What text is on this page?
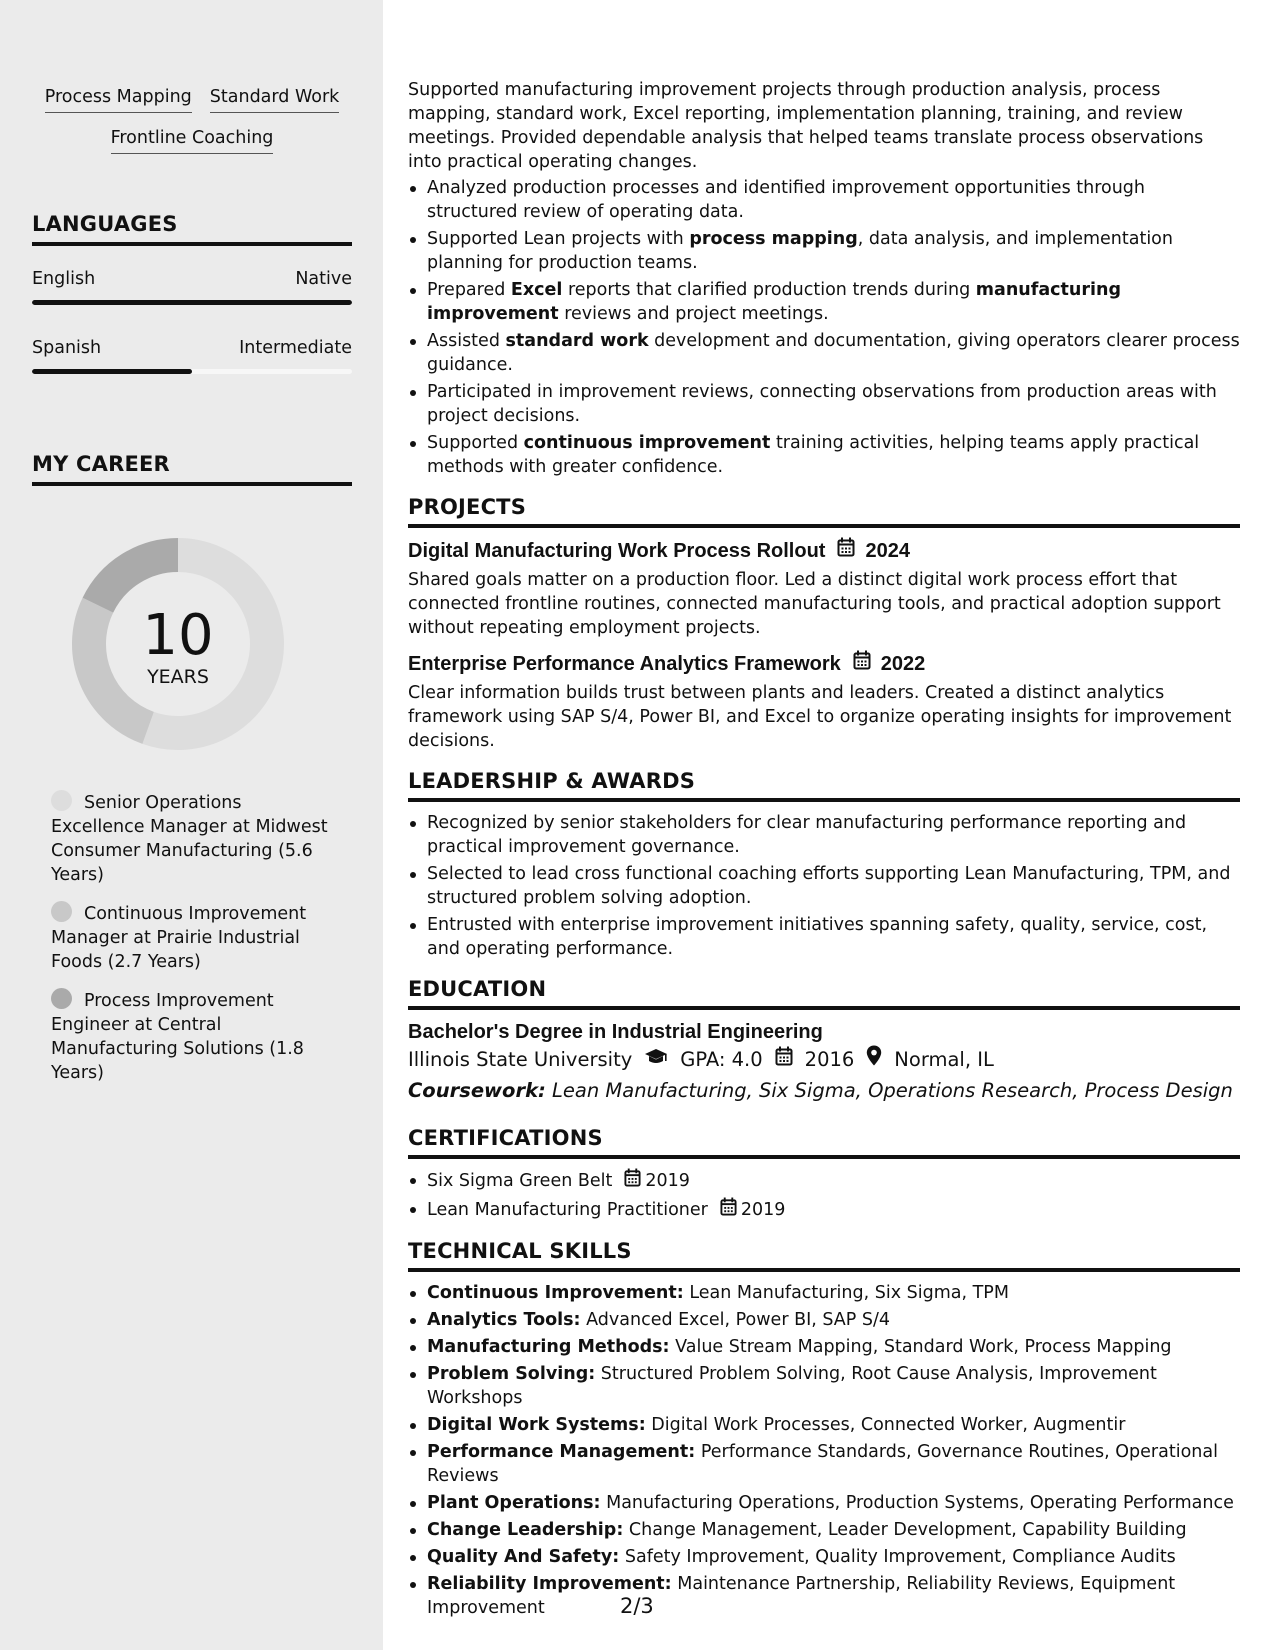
Process Mapping Standard Work
Frontline Coaching
LANGUAGES
English	Native
Spanish	Intermediate
MY CAREER
10
YEARS
Senior Operations Excellence Manager at Midwest Consumer Manufacturing (5.6 Years)
Continuous Improvement Manager at Prairie Industrial Foods (2.7 Years)
Process Improvement Engineer at Central Manufacturing Solutions (1.8 Years)

Supported manufacturing improvement projects through production analysis, process mapping, standard work, Excel reporting, implementation planning, training, and review meetings. Provided dependable analysis that helped teams translate process observations into practical operating changes.

Analyzed production processes and identified improvement opportunities through structured review of operating data.
Supported Lean projects with process mapping, data analysis, and implementation planning for production teams.
Prepared Excel reports that clarified production trends during manufacturing improvement reviews and project meetings.
Assisted standard work development and documentation, giving operators clearer process guidance.
Participated in improvement reviews, connecting observations from production areas with project decisions.
Supported continuous improvement training activities, helping teams apply practical methods with greater confidence.
PROJECTS
Digital Manufacturing Work Process Rollout 2024

Shared goals matter on a production floor. Led a distinct digital work process effort that connected frontline routines, connected manufacturing tools, and practical adoption support without repeating employment projects.

Enterprise Performance Analytics Framework 2022

Clear information builds trust between plants and leaders. Created a distinct analytics framework using SAP S/4, Power BI, and Excel to organize operating insights for improvement decisions.

LEADERSHIP & AWARDS
Recognized by senior stakeholders for clear manufacturing performance reporting and practical improvement governance.
Selected to lead cross functional coaching efforts supporting Lean Manufacturing, TPM, and structured problem solving adoption.
Entrusted with enterprise improvement initiatives spanning safety, quality, service, cost, and operating performance.
EDUCATION
Bachelor's Degree in Industrial Engineering
Illinois State University GPA: 4.0 2016 Normal, IL
Coursework: Lean Manufacturing, Six Sigma, Operations Research, Process Design
CERTIFICATIONS
Six Sigma Green Belt 2019
Lean Manufacturing Practitioner 2019
TECHNICAL SKILLS
Continuous Improvement: Lean Manufacturing, Six Sigma, TPM
Analytics Tools: Advanced Excel, Power BI, SAP S/4
Manufacturing Methods: Value Stream Mapping, Standard Work, Process Mapping
Problem Solving: Structured Problem Solving, Root Cause Analysis, Improvement Workshops
Digital Work Systems: Digital Work Processes, Connected Worker, Augmentir
Performance Management: Performance Standards, Governance Routines, Operational Reviews
Plant Operations: Manufacturing Operations, Production Systems, Operating Performance
Change Leadership: Change Management, Leader Development, Capability Building
Quality And Safety: Safety Improvement, Quality Improvement, Compliance Audits
Reliability Improvement: Maintenance Partnership, Reliability Reviews, Equipment Improvement	2/3
